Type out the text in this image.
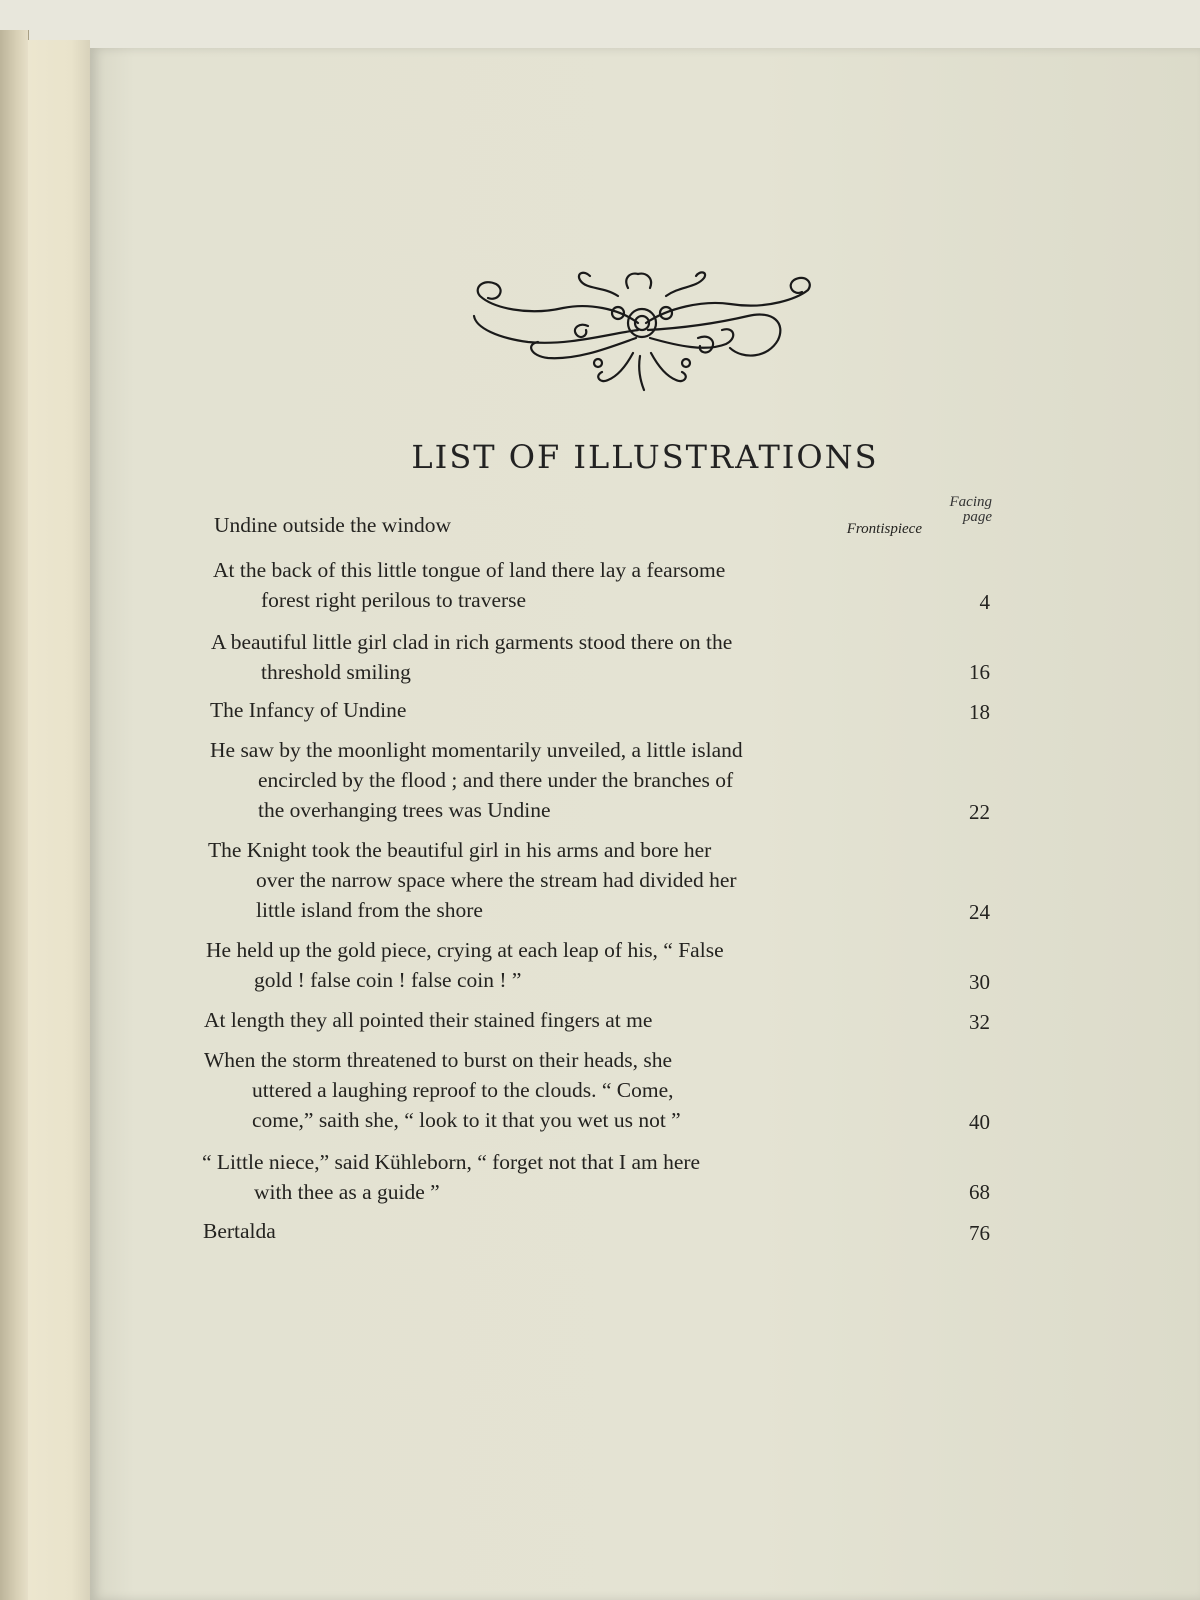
LIST OF ILLUSTRATIONS
Facing
page
Undine outside the window	Frontispiece
At the back of this little tongue of land there lay a fearsome
forest right perilous to traverse	4
A beautiful little girl clad in rich garments stood there on the
threshold smiling	16
The Infancy of Undine	18
He saw by the moonlight momentarily unveiled, a little island
encircled by the flood ; and there under the branches of
the overhanging trees was Undine	22
The Knight took the beautiful girl in his arms and bore her
over the narrow space where the stream had divided her
little island from the shore	24
He held up the gold piece, crying at each leap of his, “ False
gold ! false coin ! false coin ! ”	30
At length they all pointed their stained fingers at me	32
When the storm threatened to burst on their heads, she
uttered a laughing reproof to the clouds. “ Come,
come,” saith she, “ look to it that you wet us not ”	40
“ Little niece,” said Kühleborn, “ forget not that I am here
with thee as a guide ”	68
Bertalda	76
